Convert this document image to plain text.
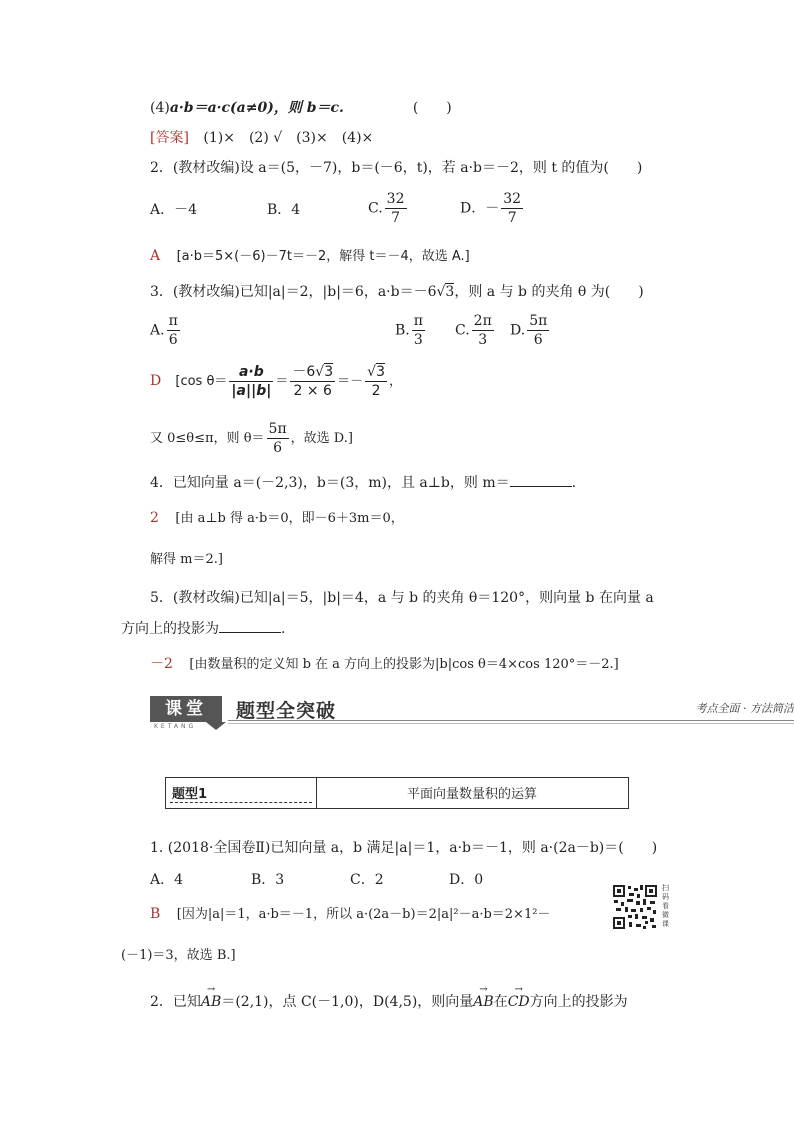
(4)a·b＝a·c(a≠0)，则 b＝c.	(　　)
[答案] (1)×　(2) √　(3)×　(4)×
2．(教材改编)设 a＝(5，－7)，b＝(－6，t)，若 a·b＝－2，则 t 的值为(　　)
A．－4	B．4	C. $\frac{32}{7}$	D．－ $\frac{32}{7}$
A [a·b＝5×(－6)－7t＝－2，解得 t＝－4，故选 A.]
3．(教材改编)已知|a|＝2，|b|＝6，a·b＝－6√3，则 a 与 b 的夹角 θ 为(　　)
A. $\frac{\pi}{6}$	B. $\frac{\pi}{3} C$. $\frac{2\pi}{3} D$. $\frac{5\pi}{6}$
D [cos $\theta= \frac{a\cdot b}{|a||b|} = \frac{-6√3}{2 \times 6} =- \frac{√3}{2}$ ，
又 0≤θ≤π，则 $\theta= \frac{5\pi}{6}$ ，故选 D.]
4．已知向量 a＝(－2,3)，b＝(3，m)，且 a⊥b，则 m＝	.
2 [由 a⊥b 得 a·b＝0，即－6＋3m＝0，
解得 m＝2.]
5．(教材改编)已知|a|＝5，|b|＝4，a 与 b 的夹角 θ＝120°，则向量 b 在向量 a
方向上的投影为	.
－2 [由数量积的定义知 b 在 a 方向上的投影为|b|cos θ＝4×cos 120°＝－2.]
课堂
KETANG
题型全突破	考点全面 · 方法简洁
题型1	平面向量数量积的运算
1. (2018·全国卷Ⅱ)已知向量 a，b 满足|a|＝1，a·b＝－1，则 a·(2a－b)＝(　　)
A．4	B．3	C．2	D．0
B [因为|a|＝1，a·b＝－1，所以 a·(2a－b)＝2|a|²－a·b＝2×1²－
(－1)＝3，故选 B.]
扫码看微课
2．已知→ AB＝(2,1)，点 C(－1,0)，D(4,5)，则向量→ AB在→ CD方向上的投影为
